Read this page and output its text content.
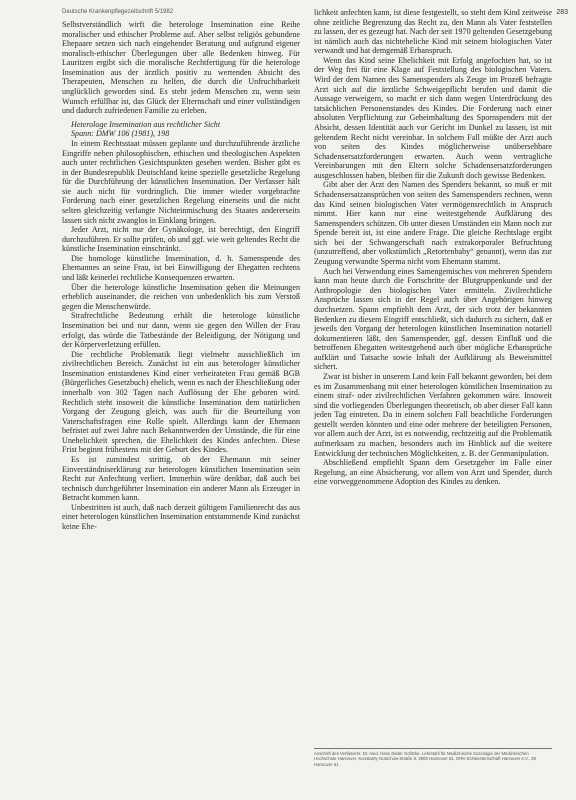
Deutsche Krankenpflegezeitschrift 5/1982	283

Selbstverständlich wirft die heterologe Insemination eine Reihe moralischer und ethischer Probleme auf. Aber selbst religiös gebundene Ehepaare setzen sich nach eingehender Beratung und aufgrund eigener moralisch-ethischer Überlegungen über alle Bedenken hinweg. Für Lauritzen ergibt sich die moralische Rechtfertigung für die heterologe Insemination aus der ärztlich positiv zu wertenden Absicht des Therapeuten, Menschen zu helfen, die durch die Unfruchtbarkeit unglücklich geworden sind. Es steht jedem Menschen zu, wenn sein Wunsch erfüllbar ist, das Glück der Elternschaft und einer vollständigen und dadurch zufriedenen Familie zu erleben.

Heterologe Insemination aus rechtlicher Sicht

Spann: DMW 106 (1981), 198

In einem Rechtsstaat müssen geplante und durchzuführende ärztliche Eingriffe neben philosophischen, ethischen und theologischen Aspekten auch unter rechtlichen Gesichtspunkten gesehen werden. Bisher gibt es in der Bundesrepublik Deutschland keine spezielle gesetzliche Regelung für die Durchführung der künstlichen Insemination. Der Verfasser hält sie auch nicht für vordringlich. Die immer wieder vorgebrachte Forderung nach einer gesetzlichen Regelung einerseits und die nicht selten gleichzeitig verlangte Nichteinmischung des Staates andererseits lassen sich nicht zwanglos in Einklang bringen.

Jeder Arzt, nicht nur der Gynäkologe, ist berechtigt, den Eingriff durchzuführen. Er sollte prüfen, ob und ggf. wie weit geltendes Recht die künstliche Insemination einschränkt.

Die homologe künstliche Insemination, d. h. Samenspende des Ehemannes an seine Frau, ist bei Einwilligung der Ehegatten rechtens und läßt keinerlei rechtliche Konsequenzen erwarten.

Über die heterologe künstliche Insemination gehen die Meinungen erheblich auseinander, die reichen von unbedenklich bis zum Verstoß gegen die Menschenwürde.

Strafrechtliche Bedeutung erhält die heterologe künstliche Insemination bei und nur dann, wenn sie gegen den Willen der Frau erfolgt, das würde die Tatbestände der Beleidigung, der Nötigung und der Körperverletzung erfüllen.

Die rechtliche Problematik liegt vielmehr ausschließlich im zivilrechtlichen Bereich. Zunächst ist ein aus heterologer künstlicher Insemination entstandenes Kind einer verheirateten Frau gemäß BGB (Bürgerliches Gesetzbuch) ehelich, wenn es nach der Eheschließung oder innerhalb von 302 Tagen nach Auflösung der Ehe geboren wird. Rechtlich steht insoweit die künstliche Insemination dem natürlichen Vorgang der Zeugung gleich, was auch für die Beurteilung von Vaterschaftsfragen eine Rolle spielt. Allerdings kann der Ehemann befristet auf zwei Jahre nach Bekanntwerden der Umstände, die für eine Unehelichkeit sprechen, die Ehelichkeit des Kindes anfechten. Diese Frist beginnt frühestens mit der Geburt des Kindes.

Es ist zumindest strittig, ob der Ehemann mit seiner Einverständniserklärung zur heterologen künstlichen Insemination sein Recht zur Anfechtung verliert. Immerhin wäre denkbar, daß auch bei technisch durchgeführter Insemination ein anderer Mann als Erzeuger in Betracht kommen kann.

Unbestritten ist auch, daß nach derzeit gültigem Familienrecht das aus einer heterologen künstlichen Insemination entstammende Kind zunächst keine Ehe-

lichkeit anfechten kann, ist diese festgestellt, so steht dem Kind zeitweise ohne zeitliche Begrenzung das Recht zu, den Mann als Vater feststellen zu lassen, der es gezeugt hat. Nach der seit 1970 geltenden Gesetzgebung ist nämlich auch das nichteheliche Kind mit seinem biologischen Vater verwandt und hat demgemäß Erbanspruch.

Wenn das Kind seine Ehelichkeit mit Erfolg angefochten hat, so ist der Weg frei für eine Klage auf Feststellung des biologischen Vaters. Wird der dem Namen des Samenspenders als Zeuge im Prozeß befragte Arzt sich auf die ärztliche Schweigepflicht berufen und damit die Aussage verweigern, so macht er sich dann wegen Unterdrückung des tatsächlichen Personenstandes des Kindes. Die Forderung nach einer absoluten Verpflichtung zur Geheimhaltung des Spornspenders mit der Absicht, dessen Identität auch vor Gericht im Dunkel zu lassen, ist mit geltendem Recht nicht vereinbar. In solchem Fall müßte der Arzt auch von seiten des Kindes möglicherweise unübersehbare Schadensersatzforderungen erwarten. Auch wenn vertragliche Vereinbarungen mit den Eltern solche Schadensersatzforderungen ausgeschlossen haben, bleiben für die Zukunft doch gewisse Bedenken.

Gibt aber der Arzt den Namen des Spenders bekannt, so muß er mit Schadensersatzansprüchen von seiten des Samenspenders rechnen, wenn das Kind seinen biologischen Vater vermögensrechtlich in Anspruch nimmt. Hier kann nur eine weitestgehende Aufklärung des Samenspenders schützen. Ob unter diesen Umständen ein Mann noch zur Spende bereit ist, ist eine andere Frage. Die gleiche Rechtslage ergibt sich bei der Schwangerschaft nach extrakorporaler Befruchtung (unzutreffend, aber volkstümlich „Retortenbaby“ genannt), wenn das zur Zeugung verwandte Sperma nicht vom Ehemann stammt.

Auch bei Verwendung eines Samengemisches von mehreren Spendern kann man heute durch die Fortschritte der Blutgruppenkunde und der Anthropologie den biologischen Vater ermitteln. Zivilrechtliche Ansprüche lassen sich in der Regel auch über Angehörigen hinweg durchsetzen. Spann empfiehlt dem Arzt, der sich trotz der bekannten Bedenken zu diesem Eingriff entschließt, sich dadurch zu sichern, daß er jeweils den Vorgang der heterologen künstlichen Insemination notariell dokumentieren läßt, den Samenspender, ggf. dessen Einfluß und die betroffenen Ehegatten weitestgehend auch über mögliche Erbansprüche aufklärt und Tatsache sowie Inhalt der Aufklärung als Beweismittel sichert.

Zwar ist bisher in unserem Land kein Fall bekannt geworden, bei dem es im Zusammenhang mit einer heterologen künstlichen Insemination zu einem straf- oder zivilrechtlichen Verfahren gekommen wäre. Insoweit sind die vorliegenden Überlegungen theoretisch, ob aber dieser Fall kann jeden Tag eintreten. Da in einem solchen Fall beachtliche Forderungen gestellt werden könnten und eine oder mehrere der beteiligten Personen, vor allem auch der Arzt, ist es notwendig, rechtzeitig auf die Problematik aufmerksam zu machen, besonders auch im Hinblick auf die weitere Entwicklung der technischen Möglichkeiten, z. B. der Genmanipulation.

Abschließend empfiehlt Spann dem Gesetzgeber im Falle einer Regelung, an eine Absicherung, vor allem von Arzt und Spender, durch eine vorweggenommene Adoption des Kindes zu denken.

Anschrift des Verfassers: Dr. med. Hans Dieter Gölitzke, Lehrstuhl für Medizinische Soziologie der Medizinischen Hochschule Hannover, Konstanty-Gutschow-Straße 8, 3000 Hannover 61, DRK-Schwesternschaft Hannover e.V., 30 Hannover 61
